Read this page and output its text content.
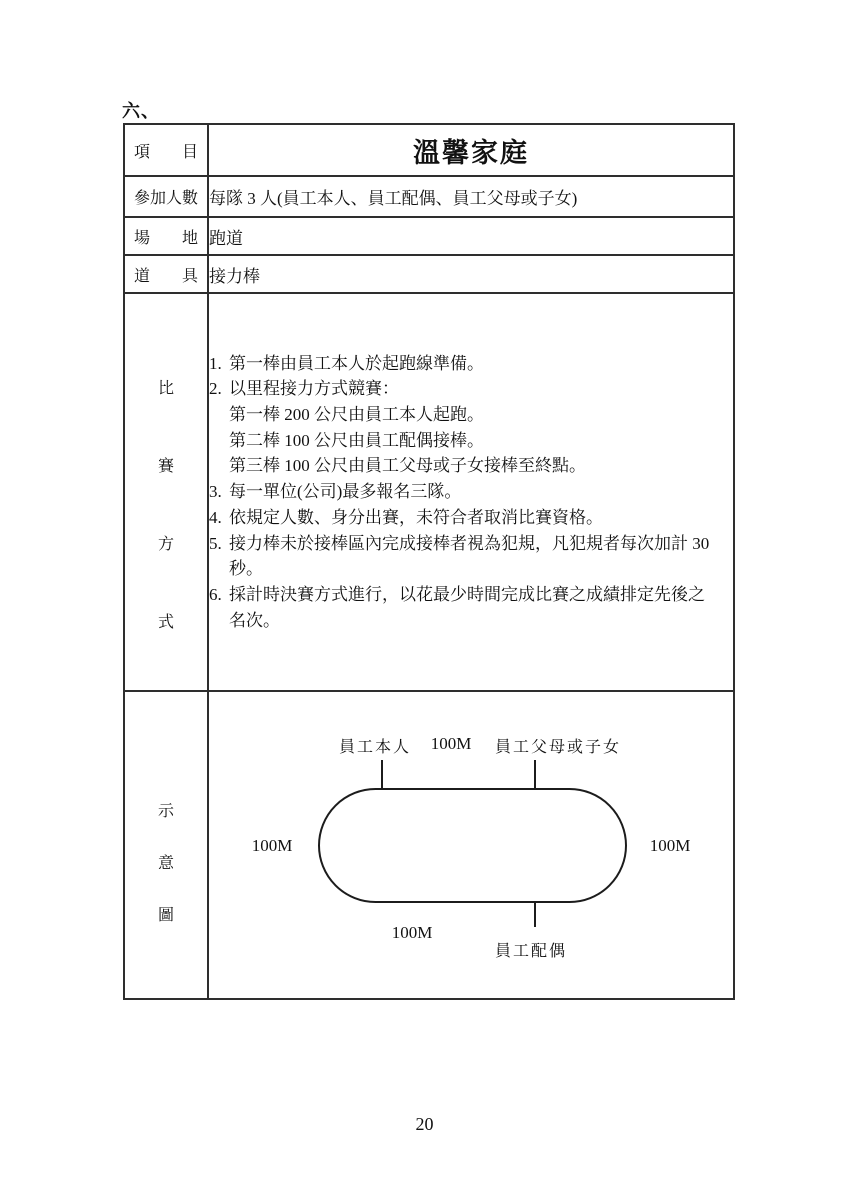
六、
項　　目	溫馨家庭
參加人數	每隊 3 人(員工本人、員工配偶、員工父母或子女)
場　　地	跑道
道　　具	接力棒

比賽方式

1. 第一棒由員工本人於起跑線準備。
2. 以里程接力方式競賽：
第一棒 200 公尺由員工本人起跑。
第二棒 100 公尺由員工配偶接棒。
第三棒 100 公尺由員工父母或子女接棒至終點。
3. 每一單位(公司)最多報名三隊。
4. 依規定人數、身分出賽，未符合者取消比賽資格。
5. 接力棒未於接棒區內完成接棒者視為犯規，凡犯規者每次加計 30
秒。
6. 採計時決賽方式進行，以花最少時間完成比賽之成績排定先後之
名次。

示意圖

員工本人	100M	員工父母或子女
100M	100M
100M
員工配偶
20
